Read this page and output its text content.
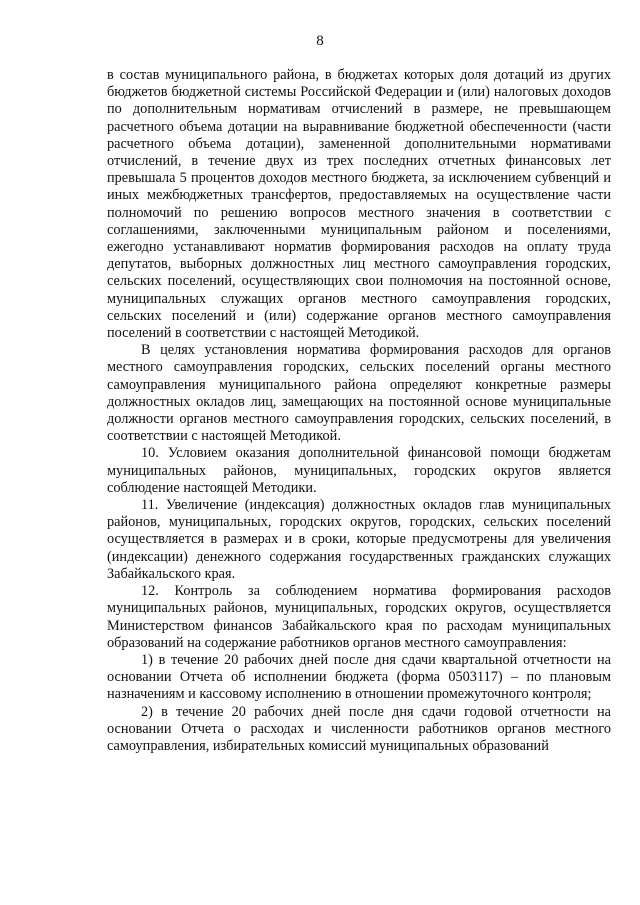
8

в состав муниципального района, в бюджетах которых доля дотаций из других бюджетов бюджетной системы Российской Федерации и (или) налоговых доходов по дополнительным нормативам отчислений в размере, не превышающем расчетного объема дотации на выравнивание бюджетной обеспеченности (части расчетного объема дотации), замененной дополнительными нормативами отчислений, в течение двух из трех последних отчетных финансовых лет превышала 5 процентов доходов местного бюджета, за исключением субвенций и иных межбюджетных трансфертов, предоставляемых на осуществление части полномочий по решению вопросов местного значения в соответствии с соглашениями, заключенными муниципальным районом и поселениями, ежегодно устанавливают норматив формирования расходов на оплату труда депутатов, выборных должностных лиц местного самоуправления городских, сельских поселений, осуществляющих свои полномочия на постоянной основе, муниципальных служащих органов местного самоуправления городских, сельских поселений и (или) содержание органов местного самоуправления поселений в соответствии с настоящей Методикой.

В целях установления норматива формирования расходов для органов местного самоуправления городских, сельских поселений органы местного самоуправления муниципального района определяют конкретные размеры должностных окладов лиц, замещающих на постоянной основе муниципальные должности органов местного самоуправления городских, сельских поселений, в соответствии с настоящей Методикой.

10. Условием оказания дополнительной финансовой помощи бюджетам муниципальных районов, муниципальных, городских округов является соблюдение настоящей Методики.

11. Увеличение (индексация) должностных окладов глав муниципальных районов, муниципальных, городских округов, городских, сельских поселений осуществляется в размерах и в сроки, которые предусмотрены для увеличения (индексации) денежного содержания государственных гражданских служащих Забайкальского края.

12. Контроль за соблюдением норматива формирования расходов муниципальных районов, муниципальных, городских округов, осуществляется Министерством финансов Забайкальского края по расходам муниципальных образований на содержание работников органов местного самоуправления:

1) в течение 20 рабочих дней после дня сдачи квартальной отчетности на основании Отчета об исполнении бюджета (форма 0503117) – по плановым назначениям и кассовому исполнению в отношении промежуточного контроля;

2) в течение 20 рабочих дней после дня сдачи годовой отчетности на основании Отчета о расходах и численности работников органов местного самоуправления, избирательных комиссий муниципальных образований
